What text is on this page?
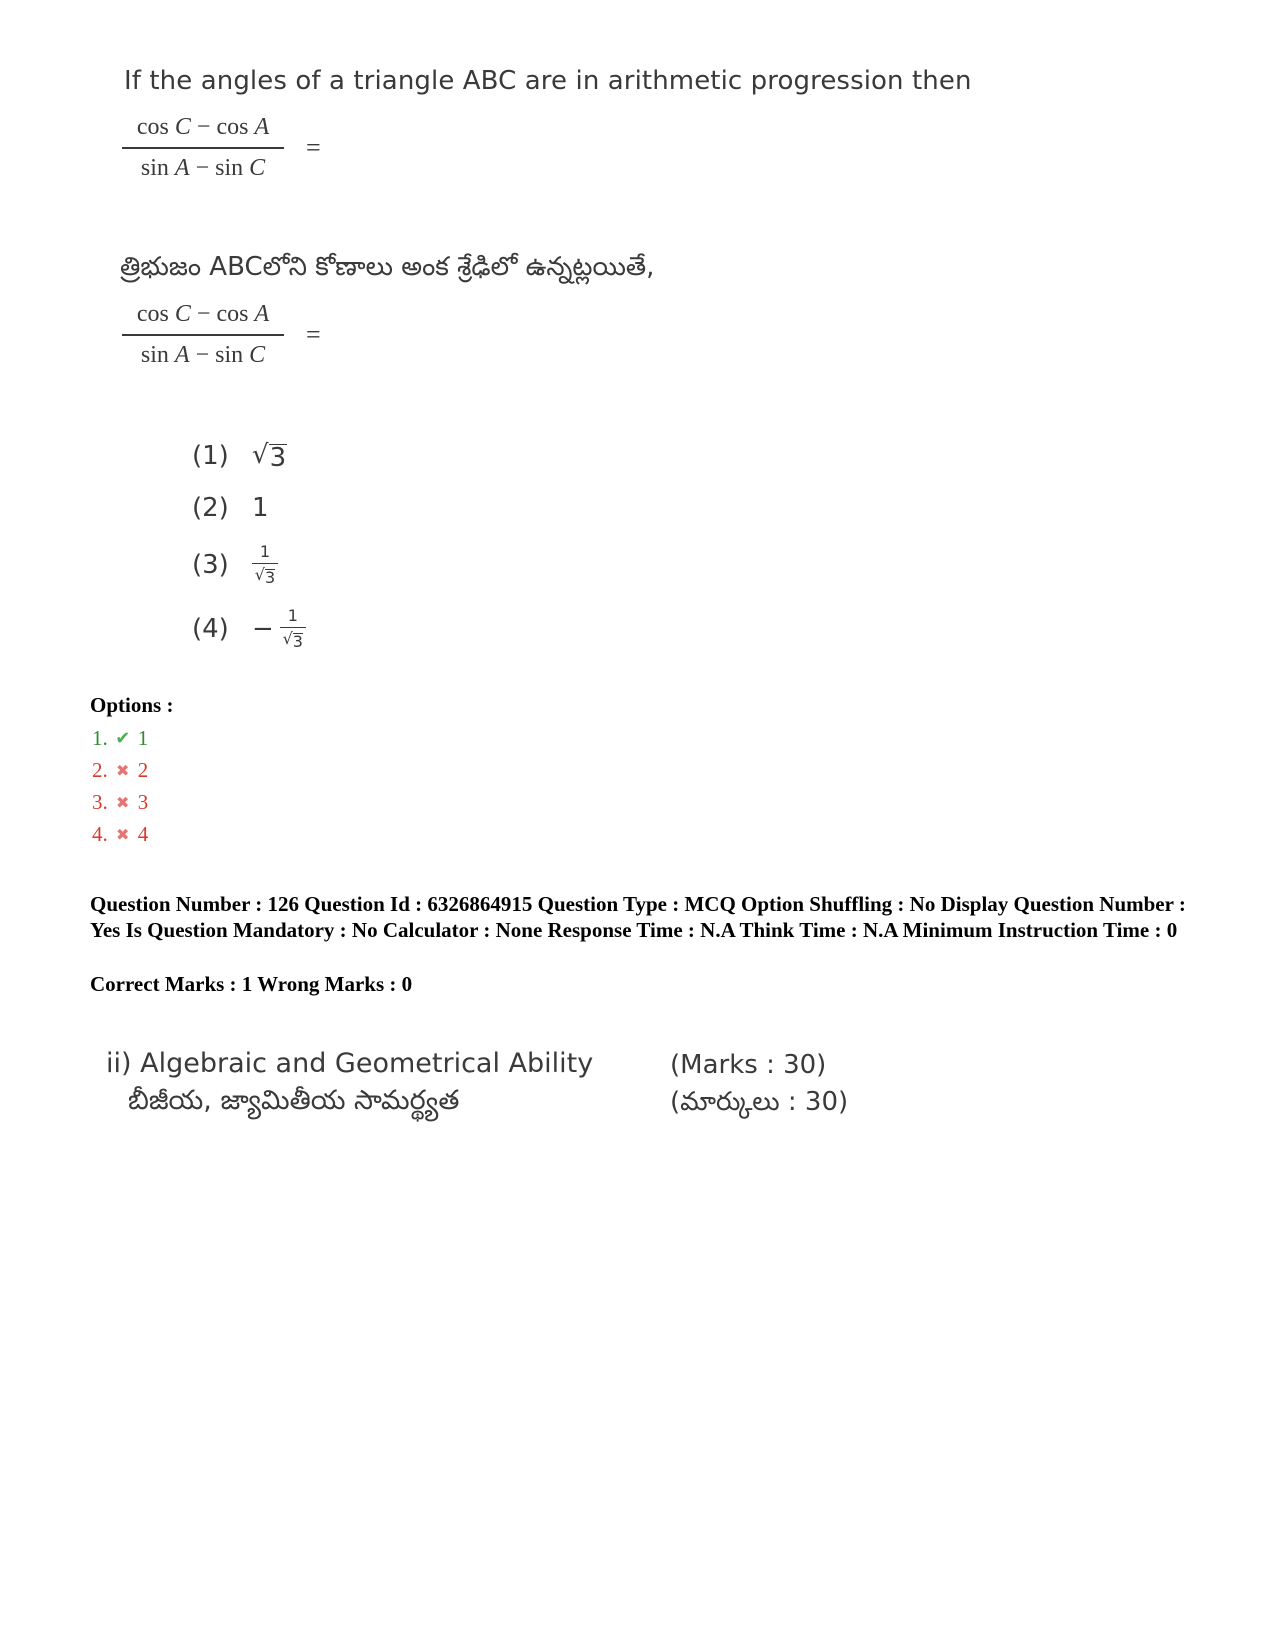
If the angles of a triangle ABC are in arithmetic progression then
$\frac{\text{cos C − cos A}}{\text{sin A − sin C}}$ =
త్రిభుజం ABCలోని కోణాలు అంక శ్రేఢిలో ఉన్నట్లయితే,
$\frac{\text{cos C − cos A}}{\text{sin A − sin C}}$ =
(1) √ 3
(2) 1
(3)	$\frac{1}{√ 3}$
$(4) - \frac{1}{√ 3}$
Options :
1. ✔ 1
2. ✖ 2
3. ✖ 3
4. ✖ 4
Question Number : 126 Question Id : 6326864915 Question Type : MCQ Option Shuffling : No Display Question Number : Yes Is Question Mandatory : No Calculator : None Response Time : N.A Think Time : N.A Minimum Instruction Time : 0
Correct Marks : 1 Wrong Marks : 0
ii) Algebraic and Geometrical Ability
బీజీయ, జ్యామితీయ సామర్థ్యత
(Marks : 30)
(మార్కులు : 30)
